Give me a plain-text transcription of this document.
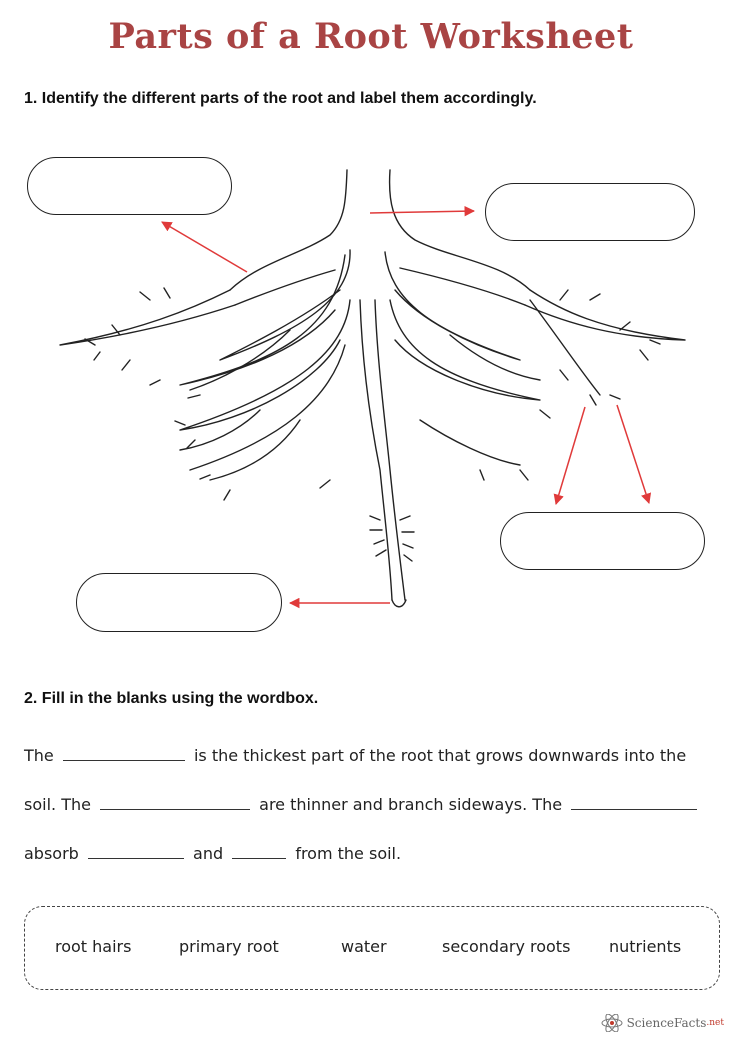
Parts of a Root Worksheet
1. Identify the different parts of the root and label them accordingly.
2. Fill in the blanks using the wordbox.
The	is the thickest part of the root that grows downwards into the
soil. The	are thinner and branch sideways. The
absorb	and	from the soil.
root hairs	primary root	water	secondary roots nutrients
ScienceFacts .net
